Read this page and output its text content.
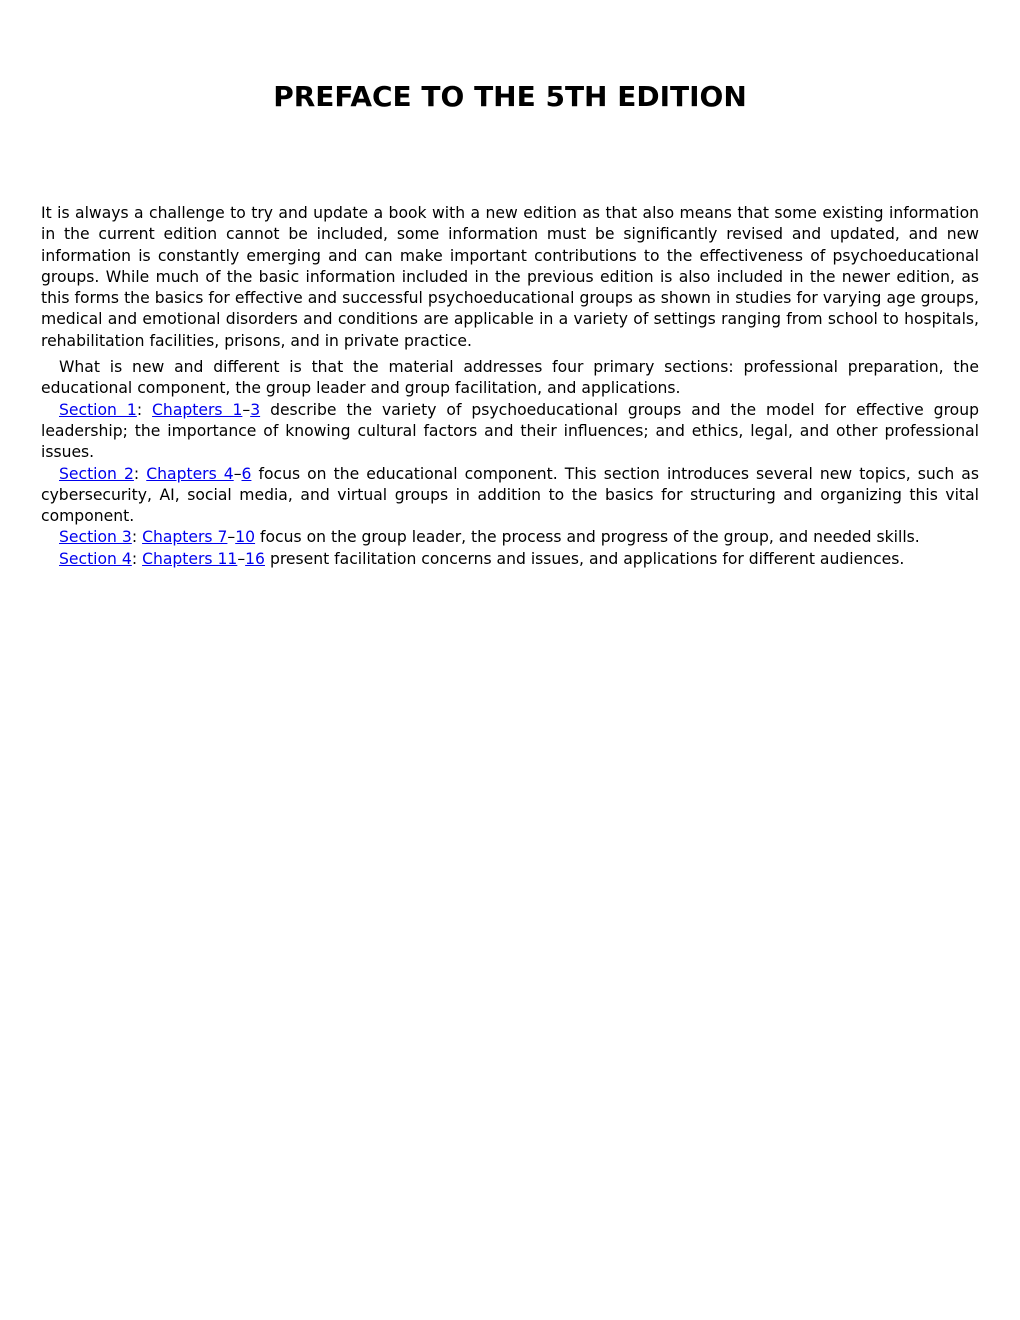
PREFACE TO THE 5TH EDITION

It is always a challenge to try and update a book with a new edition as that also means that some existing information in the current edition cannot be included, some information must be significantly revised and updated, and new information is constantly emerging and can make important contributions to the effectiveness of psychoeducational groups. While much of the basic information included in the previous edition is also included in the newer edition, as this forms the basics for effective and successful psychoeducational groups as shown in studies for varying age groups, medical and emotional disorders and conditions are applicable in a variety of settings ranging from school to hospitals, rehabilitation facilities, prisons, and in private practice.

What is new and different is that the material addresses four primary sections: professional preparation, the educational component, the group leader and group facilitation, and applications.

Section 1: Chapters 1–3 describe the variety of psychoeducational groups and the model for effective group leadership; the importance of knowing cultural factors and their influences; and ethics, legal, and other professional issues.

Section 2: Chapters 4–6 focus on the educational component. This section introduces several new topics, such as cybersecurity, AI, social media, and virtual groups in addition to the basics for structuring and organizing this vital component.

Section 3: Chapters 7–10 focus on the group leader, the process and progress of the group, and needed skills.

Section 4: Chapters 11–16 present facilitation concerns and issues, and applications for different audiences.
